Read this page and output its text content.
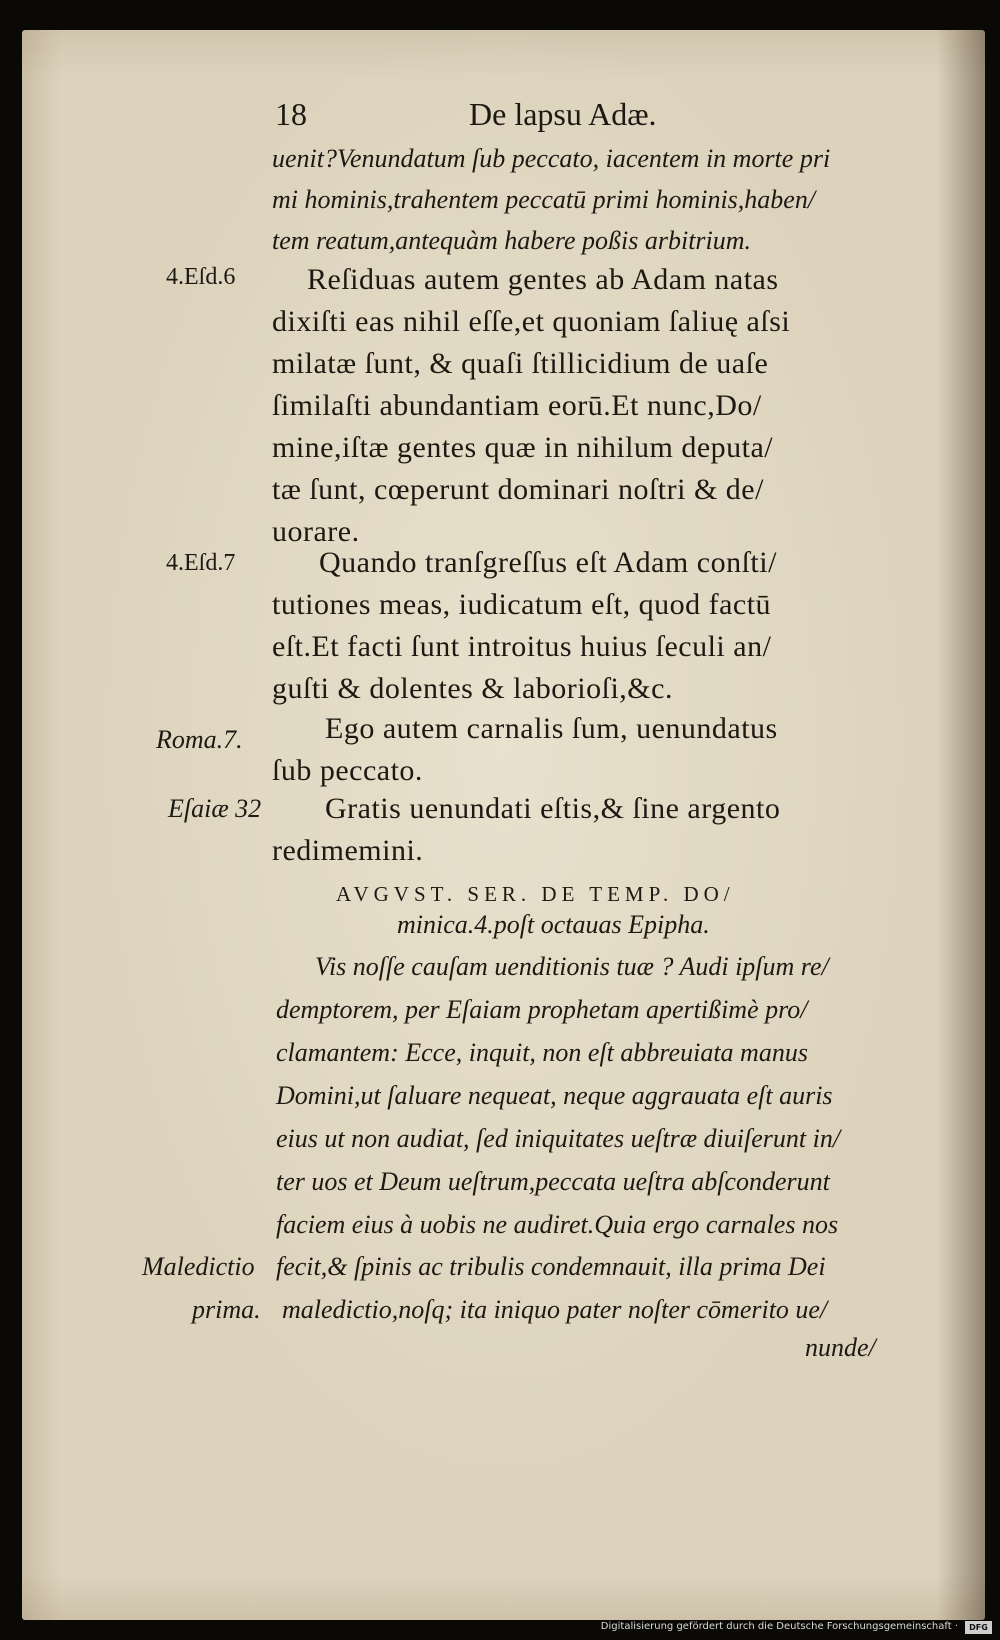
18	De lapsu Adæ.
uenit?Venundatum ſub peccato, iacentem in morte pri
mi hominis,trahentem peccatū primi hominis,haben/
tem reatum,antequàm habere poßis arbitrium.
4.Eſd.6 Reſiduas autem gentes ab Adam natas
dixiſti eas nihil eſſe,et quoniam ſaliuę aſsi
milatæ ſunt, & quaſi ſtillicidium de uaſe
ſimilaſti abundantiam eorū.Et nunc,Do/
mine,iſtæ gentes quæ in nihilum deputa/
tæ ſunt, cœperunt dominari noſtri & de/
uorare.
4.Eſd.7	Quando tranſgreſſus eſt Adam conſti/
tutiones meas, iudicatum eſt, quod factū
eſt.Et facti ſunt introitus huius ſeculi an/
guſti & dolentes & laborioſi,&c.
Roma.7.	Ego autem carnalis ſum, uenundatus
ſub peccato.
Eſaiæ 32 Gratis uenundati eſtis,& ſine argento
redimemini.
AVGVST. SER. DE TEMP. DO/
minica.4.poſt octauas Epipha.
Vis noſſe cauſam uenditionis tuæ ? Audi ipſum re/
demptorem, per Eſaiam prophetam apertißimè pro/
clamantem: Ecce, inquit, non eſt abbreuiata manus
Domini,ut ſaluare nequeat, neque aggrauata eſt auris
eius ut non audiat, ſed iniquitates ueſtræ diuiſerunt in/
ter uos et Deum ueſtrum,peccata ueſtra abſconderunt
faciem eius à uobis ne audiret.Quia ergo carnales nos
Maledictio fecit,& ſpinis ac tribulis condemnauit, illa prima Dei
prima. maledictio,noſq; ita iniquo pater noſter cōmerito ue/
nunde/
Digitalisierung gefördert durch die Deutsche Forschungsgemeinschaft ·	DFG
